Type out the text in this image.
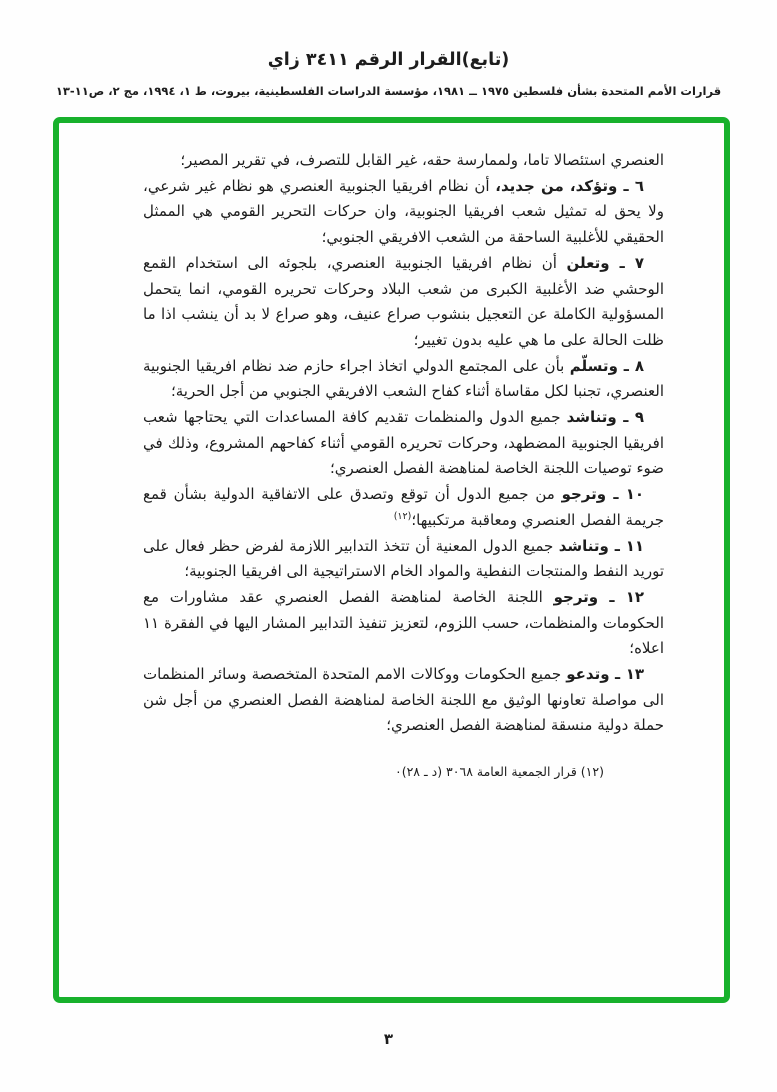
(تابع)القرار الرقم ٣٤١١ زاي
قرارات الأمم المتحدة بشأن فلسطين ١٩٧٥ ــ ١٩٨١، مؤسسة الدراسات الفلسطينية، بيروت، ط ١، ١٩٩٤، مج ٢، ص١١-١٣

العنصري استئصالا تاما، ولممارسة حقه، غير القابل للتصرف، في تقرير المصير؛

٦ ـ وتؤكد، من جديد، أن نظام افريقيا الجنوبية العنصري هو نظام غير شرعي، ولا يحق له تمثيل شعب افريقيا الجنوبية، وان حركات التحرير القومي هي الممثل الحقيقي للأغلبية الساحقة من الشعب الافريقي الجنوبي؛

٧ ـ وتعلن أن نظام افريقيا الجنوبية العنصري، بلجوئه الى استخدام القمع الوحشي ضد الأغلبية الكبرى من شعب البلاد وحركات تحريره القومي، انما يتحمل المسؤولية الكاملة عن التعجيل بنشوب صراع عنيف، وهو صراع لا بد أن ينشب اذا ما ظلت الحالة على ما هي عليه بدون تغيير؛

٨ ـ وتسلّم بأن على المجتمع الدولي اتخاذ اجراء حازم ضد نظام افريقيا الجنوبية العنصري، تجنبا لكل مقاساة أثناء كفاح الشعب الافريقي الجنوبي من أجل الحرية؛

٩ ـ وتناشد جميع الدول والمنظمات تقديم كافة المساعدات التي يحتاجها شعب افريقيا الجنوبية المضطهد، وحركات تحريره القومي أثناء كفاحهم المشروع، وذلك في ضوء توصيات اللجنة الخاصة لمناهضة الفصل العنصري؛

١٠ ـ وترجو من جميع الدول أن توقع وتصدق على الاتفاقية الدولية بشأن قمع جريمة الفصل العنصري ومعاقبة مرتكبيها؛$^{(١٢)}$

١١ ـ وتناشد جميع الدول المعنية أن تتخذ التدابير اللازمة لفرض حظر فعال على توريد النفط والمنتجات النفطية والمواد الخام الاستراتيجية الى افريقيا الجنوبية؛

١٢ ـ وترجو اللجنة الخاصة لمناهضة الفصل العنصري عقد مشاورات مع الحكومات والمنظمات، حسب اللزوم، لتعزيز تنفيذ التدابير المشار اليها في الفقرة ١١ اعلاه؛

١٣ ـ وتدعو جميع الحكومات ووكالات الامم المتحدة المتخصصة وسائر المنظمات الى مواصلة تعاونها الوثيق مع اللجنة الخاصة لمناهضة الفصل العنصري من أجل شن حملة دولية منسقة لمناهضة الفصل العنصري؛

(١٢) قرار الجمعية العامة ٣٠٦٨ (د ـ ٢٨)٠
٣
